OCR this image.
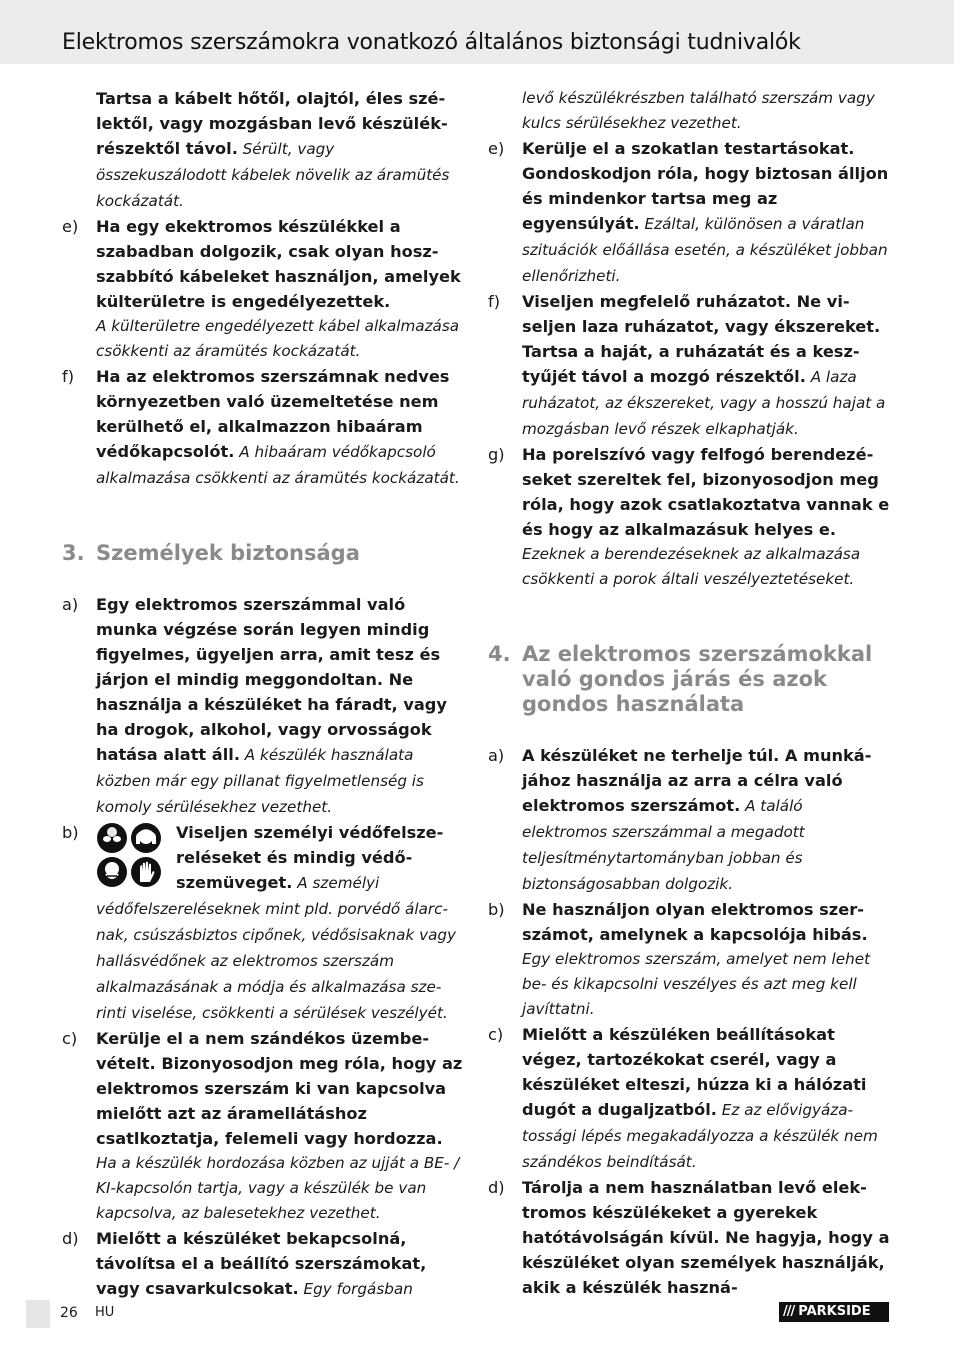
Elektromos szerszámokra vonatkozó általános biztonsági tudnivalók
Tartsa a kábelt hőtől, olajtól, éles szélektől, vagy mozgásban levő készülékrészektől távol. Sérült, vagy összekuszálodott kábelek növelik az áramütés kockázatát.
e)	Ha egy ekektromos készülékkel a szabadban dolgozik, csak olyan hoszszabbító kábeleket használjon, amelyek külterületre is engedélyezettek.
A külterületre engedélyezett kábel alkalmazása csökkenti az áramütés kockázatát.
f)	Ha az elektromos szerszámnak nedves környezetben való üzemeltetése nem kerülhető el, alkalmazzon hibaáram védőkapcsolót. A hibaáram védőkapcsoló alkalmazása csökkenti az áramütés kockázatát.
3. Személyek biztonsága
a)	Egy elektromos szerszámmal való munka végzése során legyen mindig figyelmes, ügyeljen arra, amit tesz és járjon el mindig meggondoltan. Ne használja a készüléket ha fáradt, vagy ha drogok, alkohol, vagy orvosságok hatása alatt áll. A készülék használata közben már egy pillanat figyelmetlenség is komoly sérülésekhez vezethet.
b)	Viseljen személyi védőfelszereléseket és mindig védőszemüveget. A személyi védőfelszereléseknek mint pld. porvédő álarcnak, csúszásbiztos cipőnek, védősisaknak vagy hallásvédőnek az elektromos szerszám alkalmazásának a módja és alkalmazása szerinti viselése, csökkenti a sérülések veszélyét.
c)	Kerülje el a nem szándékos üzembevételt. Bizonyosodjon meg róla, hogy az elektromos szerszám ki van kapcsolva mielőtt azt az áramellátáshoz csatlkoztatja, felemeli vagy hordozza.
Ha a készülék hordozása közben az ujját a BE- / KI-kapcsolón tartja, vagy a készülék be van kapcsolva, az balesetekhez vezethet.
d)	Mielőtt a készüléket bekapcsolná, távolítsa el a beállító szerszámokat, vagy csavarkulcsokat. Egy forgásban
levő készülékrészben található szerszám vagy kulcs sérülésekhez vezethet.
e)	Kerülje el a szokatlan testartásokat. Gondoskodjon róla, hogy biztosan álljon és mindenkor tartsa meg az egyensúlyát. Ezáltal, különösen a váratlan szituációk előállása esetén, a készüléket jobban ellenőrizheti.
f)	Viseljen megfelelő ruházatot. Ne viseljen laza ruházatot, vagy ékszereket. Tartsa a haját, a ruházatát és a kesztyűjét távol a mozgó részektől. A laza ruházatot, az ékszereket, vagy a hosszú hajat a mozgásban levő részek elkaphatják.
g)	Ha porelszívó vagy felfogó berendezéseket szereltek fel, bizonyosodjon meg róla, hogy azok csatlakoztatva vannak e és hogy az alkalmazásuk helyes e.
Ezeknek a berendezéseknek az alkalmazása csökkenti a porok általi veszélyeztetéseket.
4. Az elektromos szerszámokkal való gondos járás és azok gondos használata
a)	A készüléket ne terhelje túl. A munkájához használja az arra a célra való elektromos szerszámot. A találó elektromos szerszámmal a megadott teljesítménytartományban jobban és biztonságosabban dolgozik.
b)	Ne használjon olyan elektromos szerszámot, amelynek a kapcsolója hibás.
Egy elektromos szerszám, amelyet nem lehet be- és kikapcsolni veszélyes és azt meg kell javíttatni.
c)	Mielőtt a készüléken beállításokat végez, tartozékokat cserél, vagy a készüléket elteszi, húzza ki a hálózati dugót a dugaljzatból. Ez az elővigyázatossági lépés megakadályozza a készülék nem szándékos beindítását.
d)	Tárolja a nem használatban levő elektromos készülékeket a gyerekek hatótávolságán kívül. Ne hagyja, hogy a készüléket olyan személyek használják, akik a készülék haszná-
26 HU	/// PARKSIDE
